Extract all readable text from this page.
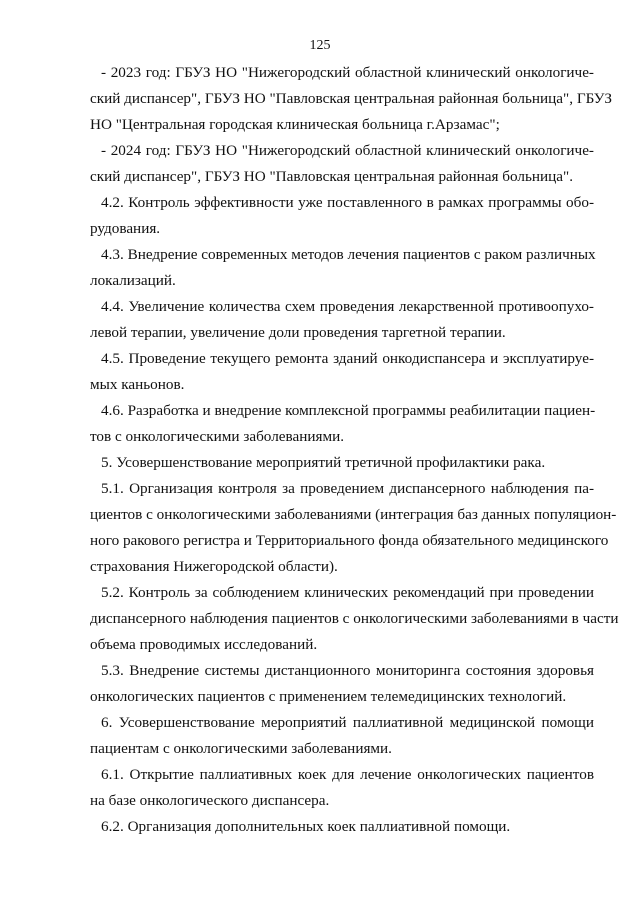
125
- 2023 год: ГБУЗ НО "Нижегородский областной клинический онкологиче-
ский диспансер", ГБУЗ НО "Павловская центральная районная больница", ГБУЗ
НО "Центральная городская клиническая больница г.Арзамас";
- 2024 год: ГБУЗ НО "Нижегородский областной клинический онкологиче-
ский диспансер", ГБУЗ НО "Павловская центральная районная больница".
4.2. Контроль эффективности уже поставленного в рамках программы обо-
рудования.
4.3. Внедрение современных методов лечения пациентов с раком различных
локализаций.
4.4. Увеличение количества схем проведения лекарственной противоопухо-
левой терапии, увеличение доли проведения таргетной терапии.
4.5. Проведение текущего ремонта зданий онкодиспансера и эксплуатируе-
мых каньонов.
4.6. Разработка и внедрение комплексной программы реабилитации пациен-
тов с онкологическими заболеваниями.
5. Усовершенствование мероприятий третичной профилактики рака.
5.1. Организация контроля за проведением диспансерного наблюдения па-
циентов с онкологическими заболеваниями (интеграция баз данных популяцион-
ного ракового регистра и Территориального фонда обязательного медицинского
страхования Нижегородской области).
5.2. Контроль за соблюдением клинических рекомендаций при проведении
диспансерного наблюдения пациентов с онкологическими заболеваниями в части
объема проводимых исследований.
5.3. Внедрение системы дистанционного мониторинга состояния здоровья
онкологических пациентов с применением телемедицинских технологий.
6. Усовершенствование мероприятий паллиативной медицинской помощи
пациентам с онкологическими заболеваниями.
6.1. Открытие паллиативных коек для лечение онкологических пациентов
на базе онкологического диспансера.
6.2. Организация дополнительных коек паллиативной помощи.
